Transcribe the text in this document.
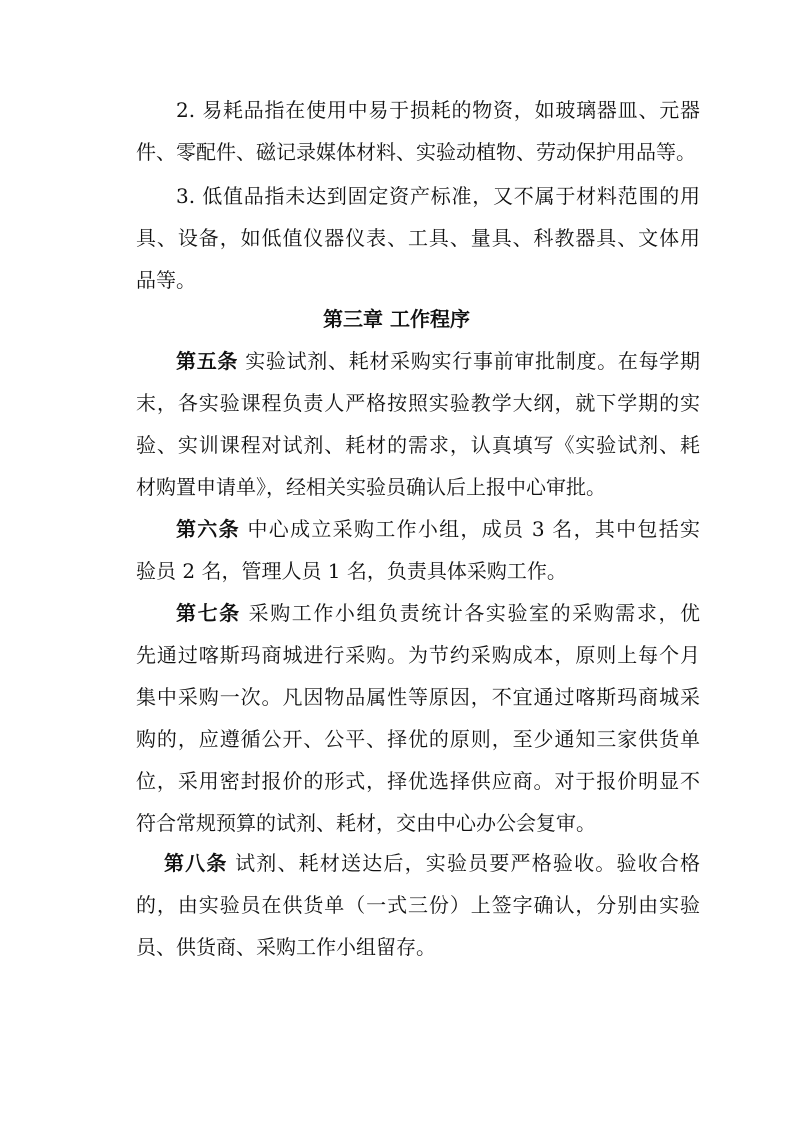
2. 易耗品指在使用中易于损耗的物资，如玻璃器皿、元器
件、零配件、磁记录媒体材料、实验动植物、劳动保护用品等。

3. 低值品指未达到固定资产标准，又不属于材料范围的用
具、设备，如低值仪器仪表、工具、量具、科教器具、文体用
品等。

第三章 工作程序

第五条 实验试剂、耗材采购实行事前审批制度。在每学期
末，各实验课程负责人严格按照实验教学大纲，就下学期的实
验、实训课程对试剂、耗材的需求，认真填写《实验试剂、耗
材购置申请单》，经相关实验员确认后上报中心审批。

第六条 中心成立采购工作小组，成员 3 名，其中包括实
验员 2 名，管理人员 1 名，负责具体采购工作。

第七条 采购工作小组负责统计各实验室的采购需求，优
先通过喀斯玛商城进行采购。为节约采购成本，原则上每个月
集中采购一次。凡因物品属性等原因，不宜通过喀斯玛商城采
购的，应遵循公开、公平、择优的原则，至少通知三家供货单
位，采用密封报价的形式，择优选择供应商。对于报价明显不
符合常规预算的试剂、耗材，交由中心办公会复审。

第八条 试剂、耗材送达后，实验员要严格验收。验收合格
的，由实验员在供货单（一式三份）上签字确认，分别由实验
员、供货商、采购工作小组留存。
